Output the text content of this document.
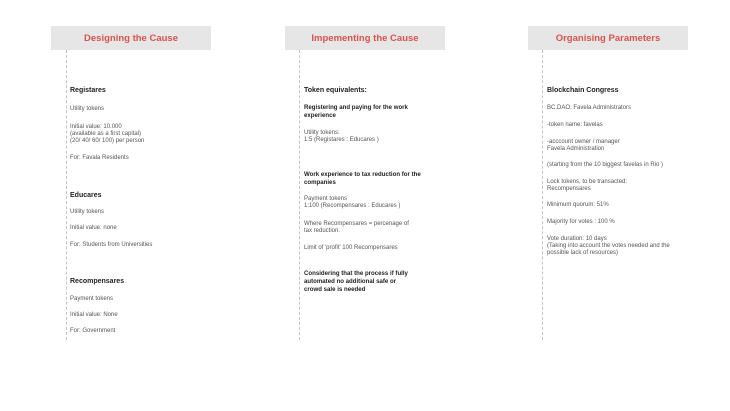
Designing the Cause

Registares

Utility tokens

Initial value: 10.000
(available as a first capital)
(20/ 40/ 60/ 100) per person

For: Favala Residents

Educares

Utility tokens

Initial value: none

For: Students from Universities

Recompensares

Payment tokens

Initial value: None

For: Government

Impementing the Cause

Token equivalents:

Registering and paying for the work
experience

Utility tokens:
1:5 (Registares : Educares )

Work experience to tax reduction for the
companies

Payment tokens
1:100 (Recompensares : Educares )

Where Recompensares = percenage of
tax reduction.

Limit of 'profit' 100 Recompensares

Considering that the process if fully
automated no additional safe or
crowd sale is needed

Organising Parameters

Blockchain Congress

BC.DAO: Favela Administrators

-token name: favelas

-acccount owner / manager
Favela Administration

(starting from the 10 biggest favelas in Rio )

Lock tokens, to be transacted:
Recompensares

Minimum quorum: 51%

Majority for votes : 100 %

Vote duration: 10 days
(Taking into account the votes needed and the
possible lack of resources)
